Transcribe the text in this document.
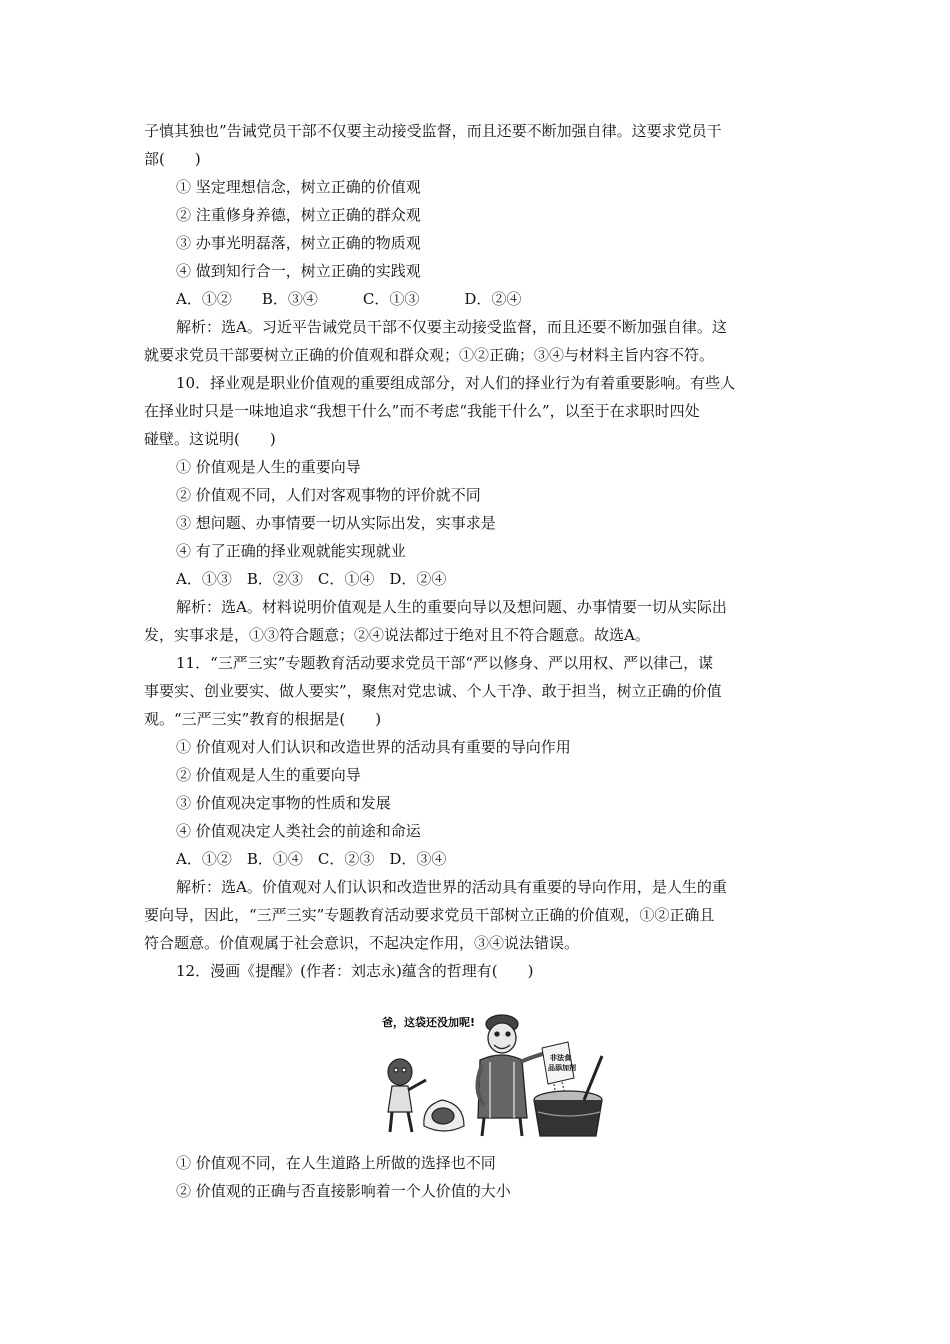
子慎其独也”告诫党员干部不仅要主动接受监督，而且还要不断加强自律。这要求党员干
部(　　)
① 坚定理想信念，树立正确的价值观
② 注重修身养德，树立正确的群众观
③ 办事光明磊落，树立正确的物质观
④ 做到知行合一，树立正确的实践观
A．①②　　B．③④　　　C．①③　　　D．②④
解析：选A。习近平告诫党员干部不仅要主动接受监督，而且还要不断加强自律。这
就要求党员干部要树立正确的价值观和群众观；①②正确；③④与材料主旨内容不符。
10．择业观是职业价值观的重要组成部分，对人们的择业行为有着重要影响。有些人
在择业时只是一味地追求“我想干什么”而不考虑“我能干什么”，以至于在求职时四处
碰壁。这说明(　　)
① 价值观是人生的重要向导
② 价值观不同，人们对客观事物的评价就不同
③ 想问题、办事情要一切从实际出发，实事求是
④ 有了正确的择业观就能实现就业
A．①③　B．②③　C．①④　D．②④
解析：选A。材料说明价值观是人生的重要向导以及想问题、办事情要一切从实际出
发，实事求是，①③符合题意；②④说法都过于绝对且不符合题意。故选A。
11．“三严三实”专题教育活动要求党员干部“严以修身、严以用权、严以律己，谋
事要实、创业要实、做人要实”，聚焦对党忠诚、个人干净、敢于担当，树立正确的价值
观。“三严三实”教育的根据是(　　)
① 价值观对人们认识和改造世界的活动具有重要的导向作用
② 价值观是人生的重要向导
③ 价值观决定事物的性质和发展
④ 价值观决定人类社会的前途和命运
A．①②　B．①④　C．②③　D．③④
解析：选A。价值观对人们认识和改造世界的活动具有重要的导向作用，是人生的重
要向导，因此，“三严三实”专题教育活动要求党员干部树立正确的价值观，①②正确且
符合题意。价值观属于社会意识，不起决定作用，③④说法错误。
12．漫画《提醒》(作者：刘志永)蕴含的哲理有(　　)
爸，这袋还没加呢!
非法食
品添加剂
① 价值观不同，在人生道路上所做的选择也不同
② 价值观的正确与否直接影响着一个人价值的大小
